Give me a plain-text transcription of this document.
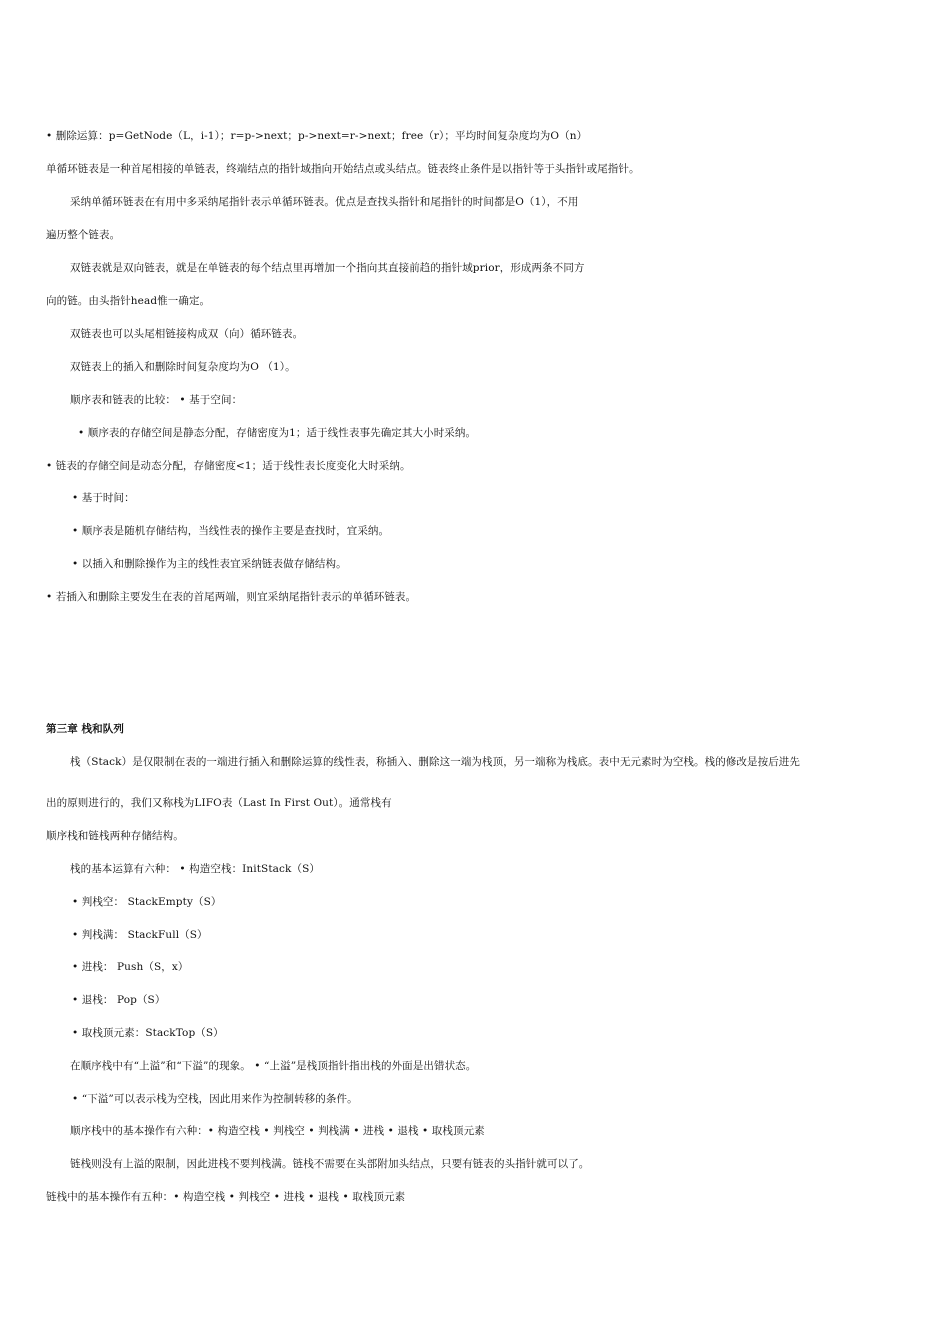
• 删除运算：p=GetNode（L，i-1）；r=p->next；p->next=r->next；free（r）；平均时间复杂度均为O（n）
单循环链表是一种首尾相接的单链表，终端结点的指针域指向开始结点或头结点。链表终止条件是以指针等于头指针或尾指针。
采纳单循环链表在有用中多采纳尾指针表示单循环链表。优点是查找头指针和尾指针的时间都是O（1），不用
遍历整个链表。
双链表就是双向链表，就是在单链表的每个结点里再增加一个指向其直接前趋的指针域prior，形成两条不同方
向的链。由头指针head惟一确定。
双链表也可以头尾相链接构成双（向）循环链表。
双链表上的插入和删除时间复杂度均为O （1）。
顺序表和链表的比较： • 基于空间：
• 顺序表的存储空间是静态分配，存储密度为1；适于线性表事先确定其大小时采纳。
• 链表的存储空间是动态分配，存储密度<1；适于线性表长度变化大时采纳。
• 基于时间：
• 顺序表是随机存储结构，当线性表的操作主要是查找时，宜采纳。
• 以插入和删除操作为主的线性表宜采纳链表做存储结构。
• 若插入和删除主要发生在表的首尾两端，则宜采纳尾指针表示的单循环链表。
第三章 栈和队列
栈（Stack）是仅限制在表的一端进行插入和删除运算的线性表，称插入、删除这一端为栈顶，另一端称为栈底。表中无元素时为空栈。栈的修改是按后进先
出的原则进行的，我们又称栈为LIFO表（Last In First Out）。通常栈有
顺序栈和链栈两种存储结构。
栈的基本运算有六种： • 构造空栈：InitStack（S）
• 判栈空： StackEmpty（S）
• 判栈满： StackFull（S）
• 进栈： Push（S，x）
• 退栈： Pop（S）
• 取栈顶元素：StackTop（S）
在顺序栈中有“上溢”和“下溢”的现象。 • “上溢”是栈顶指针指出栈的外面是出错状态。
• “下溢”可以表示栈为空栈，因此用来作为控制转移的条件。
顺序栈中的基本操作有六种：• 构造空栈 • 判栈空 • 判栈满 • 进栈 • 退栈 • 取栈顶元素
链栈则没有上溢的限制，因此进栈不要判栈满。链栈不需要在头部附加头结点，只要有链表的头指针就可以了。
链栈中的基本操作有五种：• 构造空栈 • 判栈空 • 进栈 • 退栈 • 取栈顶元素
